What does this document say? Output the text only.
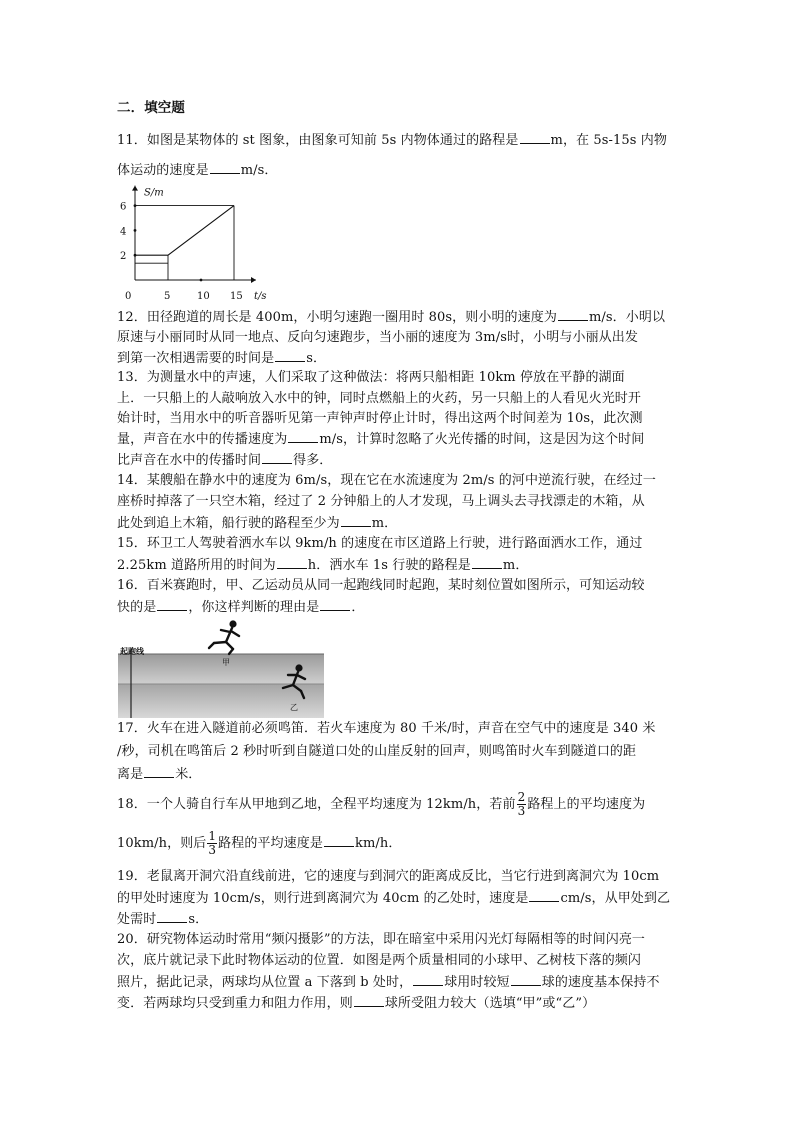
二．填空题
11．如图是某物体的 st 图象，由图象可知前 5s 内物体通过的路程是 m，在 5s-15s 内物
体运动的速度是 m/s．
S/m
t/s
0	5	10 15
2
4
6
12．田径跑道的周长是 400m，小明匀速跑一圈用时 80s，则小明的速度为 m/s．小明以
原速与小丽同时从同一地点、反向匀速跑步，当小丽的速度为 3m/s时，小明与小丽从出发
到第一次相遇需要的时间是 s．
13．为测量水中的声速，人们采取了这种做法：将两只船相距 10km 停放在平静的湖面
上．一只船上的人敲响放入水中的钟，同时点燃船上的火药，另一只船上的人看见火光时开
始计时，当用水中的听音器听见第一声钟声时停止计时，得出这两个时间差为 10s，此次测
量，声音在水中的传播速度为 m/s，计算时忽略了火光传播的时间，这是因为这个时间
比声音在水中的传播时间 得多．
14．某艘船在静水中的速度为 6m/s，现在它在水流速度为 2m/s 的河中逆流行驶，在经过一
座桥时掉落了一只空木箱，经过了 2 分钟船上的人才发现，马上调头去寻找漂走的木箱，从
此处到追上木箱，船行驶的路程至少为 m．
15．环卫工人驾驶着洒水车以 9km/h 的速度在市区道路上行驶，进行路面洒水工作，通过
2.25km 道路所用的时间为 h．洒水车 1s 行驶的路程是 m．
16．百米赛跑时，甲、乙运动员从同一起跑线同时起跑，某时刻位置如图所示，可知运动较
快的是 ，你这样判断的理由是 ．
起跑线
甲
乙
17．火车在进入隧道前必须鸣笛．若火车速度为 80 千米/时，声音在空气中的速度是 340 米
/秒，司机在鸣笛后 2 秒时听到自隧道口处的山崖反射的回声，则鸣笛时火车到隧道口的距
离是 米．
18．一个人骑自行车从甲地到乙地，全程平均速度为 12km/h，若前 $\frac{2}{3}$ 路程上的平均速度为
10km/h，则后 $\frac{1}{3}$ 路程的平均速度是 km/h．
19．老鼠离开洞穴沿直线前进，它的速度与到洞穴的距离成反比，当它行进到离洞穴为 10cm
的甲处时速度为 10cm/s，则行进到离洞穴为 40cm 的乙处时，速度是 cm/s，从甲处到乙
处需时 s．
20．研究物体运动时常用“频闪摄影”的方法，即在暗室中采用闪光灯每隔相等的时间闪亮一
次，底片就记录下此时物体运动的位置．如图是两个质量相同的小球甲、乙树枝下落的频闪
照片，据此记录，两球均从位置 a 下落到 b 处时， 球用时较短 球的速度基本保持不
变．若两球均只受到重力和阻力作用，则 球所受阻力较大（选填“甲”或“乙”）
